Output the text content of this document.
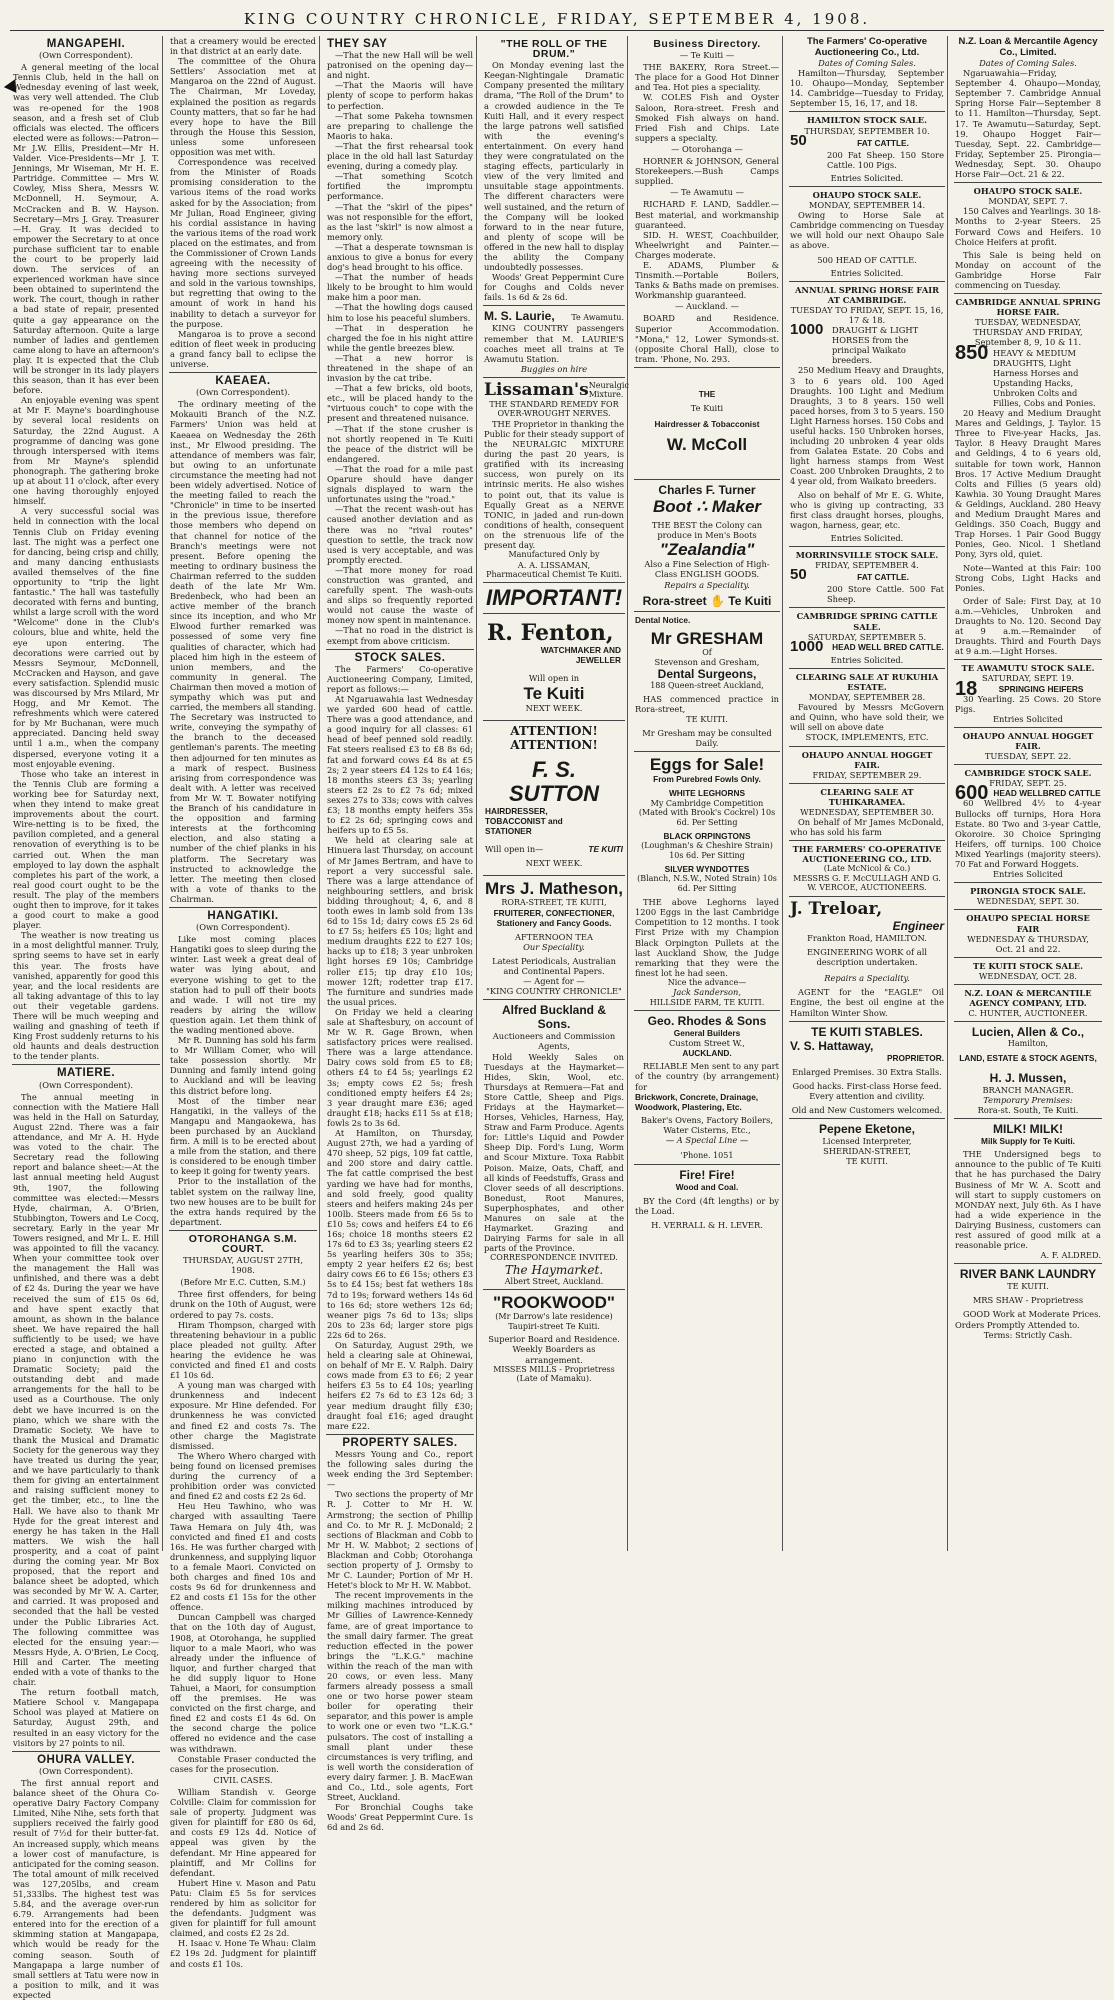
KING COUNTRY CHRONICLE, FRIDAY, SEPTEMBER 4, 1908.
MANGAPEHI.
(Own Correspondent).

A general meeting of the local Tennis Club, held in the hall on Wednesday evening of last week, was very well attended. The Club was re-opened for the 1908 season, and a fresh set of Club officials was elected. The officers elected were as follows:—Patron—Mr J.W. Ellis, President—Mr H. Valder. Vice-Presidents—Mr J. T. Jennings, Mr Wiseman, Mr H. E. Partridge. Committee — Mrs W. Cowley, Miss Shera, Messrs W. McDonnell, H. Seymour, A. McCracken and B. W. Hayson. Secretary—Mrs J. Gray. Treasurer—H. Gray. It was decided to empower the Secretary to at once purchase sufficient tar to enable the court to be properly laid down. The services of an experienced workman have since been obtained to superintend the work. The court, though in rather a bad state of repair, presented quite a gay appearance on the Saturday afternoon. Quite a large number of ladies and gentlemen came along to have an afternoon's play. It is expected that the Club will be stronger in its lady players this season, than it has ever been before.

An enjoyable evening was spent at Mr F. Mayne's boardinghouse by several local residents on Saturday, the 22nd August. A programme of dancing was gone through interspersed with items from Mr Mayne's splendid phonograph. The gathering broke up at about 11 o'clock, after every one having thoroughly enjoyed himself.

A very successful social was held in connection with the local Tennis Club on Friday evening last. The night was a perfect one for dancing, being crisp and chilly, and many dancing enthusiasts availed themselves of the fine opportunity to "trip the light fantastic." The hall was tastefully decorated with ferns and bunting, whilst a large scroll with the word "Welcome" done in the Club's colours, blue and white, held the eye upon entering. The decorations were carried out by Messrs Seymour, McDonnell, McCracken and Hayson, and gave every satisfaction. Splendid music was discoursed by Mrs Milard, Mr Hogg, and Mr Kemot. The refreshments which were catered for by Mr Buchanan, were much appreciated. Dancing held sway until 1 a.m., when the company dispersed, everyone voting it a most enjoyable evening.

Those who take an interest in the Tennis Club are forming a working bee for Saturday next, when they intend to make great improvements about the court. Wire-netting is to be fixed, the pavilion completed, and a general renovation of everything is to be carried out. When the man employed to lay down the asphalt completes his part of the work, a real good court ought to be the result. The play of the members ought then to improve, for it takes a good court to make a good player.

The weather is now treating us in a most delightful manner. Truly, spring seems to have set in early this year. The frosts have vanished, apparently for good this year, and the local residents are all taking advantage of this to lay out their vegetable gardens. There will be much weeping and wailing and gnashing of teeth if King Frost suddenly returns to his old haunts and deals destruction to the tender plants.

MATIERE.
(Own Correspondent).

The annual meeting in connection with the Matiere Hall was held in the Hall on Saturday, August 22nd. There was a fair attendance, and Mr A. H. Hyde was voted to the chair. The Secretary read the following report and balance sheet:—At the last annual meeting held August 9th, 1907, the following committee was elected:—Messrs Hyde, chairman, A. O'Brien, Stubbington, Towers and Le Cocq, secretary. Early in the year Mr Towers resigned, and Mr L. E. Hill was appointed to fill the vacancy. When your committee took over the management the Hall was unfinished, and there was a debt of £2 4s. During the year we have received the sum of £15 0s 6d, and have spent exactly that amount, as shown in the balance sheet. We have repaired the hall sufficiently to be used; we have erected a stage, and obtained a piano in conjunction with the Dramatic Society; paid the outstanding debt and made arrangements for the hall to be used as a Courthouse. The only debt we have incurred is on the piano, which we share with the Dramatic Society. We have to thank the Musical and Dramatic Society for the generous way they have treated us during the year, and we have particularly to thank them for giving an entertainment and raising sufficient money to get the timber, etc., to line the Hall. We have also to thank Mr Hyde for the great interest and energy he has taken in the Hall matters. We wish the hall prosperity, and a coat of paint during the coming year. Mr Box proposed, that the report and balance sheet be adopted, which was seconded by Mr W. A. Carter, and carried. It was proposed and seconded that the hall be vested under the Public Libraries Act. The following committee was elected for the ensuing year:—Messrs Hyde, A. O'Brien, Le Cocq, Hill and Carter. The meeting ended with a vote of thanks to the chair.

The return football match, Matiere School v. Mangapapa School was played at Matiere on Saturday, August 29th, and resulted in an easy victory for the visitors by 27 points to nil.

OHURA VALLEY.
(Own Correspondent).

The first annual report and balance sheet of the Ohura Co-operative Dairy Factory Company Limited, Nihe Nihe, sets forth that suppliers received the fairly good result of 7½d for their butter-fat. An increased supply, which means a lower cost of manufacture, is anticipated for the coming season. The total amount of milk received was 127,205lbs, and cream 51,333lbs. The highest test was 5.84, and the average over-run 6.79. Arrangements had been entered into for the erection of a skimming station at Mangapapa, which would be ready for the coming season. South of Mangapapa a large number of small settlers at Tatu were now in a position to milk, and it was expected

that a creamery would be erected in that district at an early date.

The committee of the Ohura Settlers' Association met at Mangaroa on the 22nd of August. The Chairman, Mr Loveday, explained the position as regards County matters, that so far he had every hope to have the Bill through the House this Session, unless some unforeseen opposition was met with.

Correspondence was received from the Minister of Roads promising consideration to the various items of the road works asked for by the Association; from Mr Julian, Road Engineer, giving his cordial assistance in having the various items of the road work placed on the estimates, and from the Commissioner of Crown Lands agreeing with the necessity of having more sections surveyed and sold in the various townships, but regretting that owing to the amount of work in hand his inability to detach a surveyor for the purpose.

Mangaroa is to prove a second edition of fleet week in producing a grand fancy ball to eclipse the universe.

KAEAEA.
(Own Correspondent).

The ordinary meeting of the Mokauiti Branch of the N.Z. Farmers' Union was held at Kaeaea on Wednesday the 26th inst., Mr Elwood presiding. The attendance of members was fair, but owing to an unfortunate circumstance the meeting had not been widely advertised. Notice of the meeting failed to reach the "Chronicle" in time to be inserted in the previous issue, therefore those members who depend on that channel for notice of the Branch's meetings were not present. Before opening the meeting to ordinary business the Chairman referred to the sudden death of the late Mr Wm. Bredenbeck, who had been an active member of the branch since its inception, and who Mr Elwood further remarked was possessed of some very fine qualities of character, which had placed him high in the esteem of union members, and the community in general. The Chairman then moved a motion of sympathy which was put and carried, the members all standing. The Secretary was instructed to write, conveying the sympathy of the branch to the deceased gentleman's parents. The meeting then adjourned for ten minutes as a mark of respect. Business arising from correspondence was dealt with. A letter was received from Mr W. T. Bowater notifying the Branch of his candidature in the opposition and farming interests at the forthcoming election, and also stating a number of the chief planks in his platform. The Secretary was instructed to acknowledge the letter. The meeting then closed with a vote of thanks to the Chairman.

HANGATIKI.
(Own Correspondent).

Like most coming places Hangatiki goes to sleep during the winter. Last week a great deal of water was lying about, and everyone wishing to get to the station had to pull off their boots and wade. I will not tire my readers by airing the willow question again. Let them think of the wading mentioned above.

Mr R. Dunning has sold his farm to Mr William Comer, who will take possession shortly. Mr Dunning and family intend going to Auckland and will be leaving this district before long.

Most of the timber near Hangatiki, in the valleys of the Mangapu and Mangaokewa, has been purchased by an Auckland firm. A mill is to be erected about a mile from the station, and there is considered to be enough timber to keep it going for twenty years.

Prior to the installation of the tablet system on the railway line, two new houses are to be built for the extra hands required by the department.

OTOROHANGA S.M. COURT.
THURSDAY, AUGUST 27TH, 1908.
(Before Mr E.C. Cutten, S.M.)

Three first offenders, for being drunk on the 10th of August, were ordered to pay 7s. costs.

Hiram Thompson, charged with threatening behaviour in a public place pleaded not guilty. After hearing the evidence he was convicted and fined £1 and costs £1 10s 6d.

A young man was charged with drunkenness and indecent exposure. Mr Hine defended. For drunkenness he was convicted and fined £2 and costs 7s. The other charge the Magistrate dismissed.

The Whero Whero charged with being found on licensed premises during the currency of a prohibition order was convicted and fined £2 and costs £2 2s 6d.

Heu Heu Tawhino, who was charged with assaulting Taere Tawa Hemara on July 4th, was convicted and fined £1 and costs 16s. He was further charged with drunkenness, and supplying liquor to a female Maori. Convicted on both charges and fined 10s and costs 9s 6d for drunkenness and £2 and costs £1 15s for the other offence.

Duncan Campbell was charged that on the 10th day of August, 1908, at Otorohanga, he supplied liquor to a male Maori, who was already under the influence of liquor, and further charged that he did supply liquor to Hone Tahuei, a Maori, for consumption off the premises. He was convicted on the first charge, and fined £2 and costs £1 4s 6d. On the second charge the police offered no evidence and the case was withdrawn.

Constable Fraser conducted the cases for the prosecution.

CIVIL CASES.

William Standish v. George Colville: Claim for commission for sale of property. Judgment was given for plaintiff for £80 0s 6d, and costs £9 12s 4d. Notice of appeal was given by the defendant. Mr Hine appeared for plaintiff, and Mr Collins for defendant.

Hubert Hine v. Mason and Patu Patu: Claim £5 5s for services rendered by him as solicitor for the defendants. Judgment was given for plaintiff for full amount claimed, and costs £2 2s 2d.

H. Isaac v. Hone Te Whau: Claim £2 19s 2d. Judgment for plaintiff and costs £1 10s.

THEY SAY

—That the new Hall will be well patronised on the opening day—and night.

—That the Maoris will have plenty of scope to perform hakas to perfection.

—That some Pakeha townsmen are preparing to challenge the Maoris to haka.

—That the first rehearsal took place in the old hall last Saturday evening, during a comedy play.

—That something Scotch fortified the impromptu performance.

—That the "skirl of the pipes" was not responsible for the effort, as the last "skirl" is now almost a memory only.

—That a desperate townsman is anxious to give a bonus for every dog's head brought to his office.

—That the number of heads likely to be brought to him would make him a poor man.

—That the howling dogs caused him to lose his peaceful slumbers.

—That in desperation he charged the foe in his night attire while the gentle breezes blew.

—That a new horror is threatened in the shape of an invasion by the cat tribe.

—That a few bricks, old boots, etc., will be placed handy to the "virtuous couch" to cope with the present and threatened nuisance.

—That if the stone crusher is not shortly reopened in Te Kuiti the peace of the district will be endangered.

—That the road for a mile past Oparure should have danger signals displayed to warn the unfortunates using the "road."

—That the recent wash-out has caused another deviation and as there was no "rival routes" question to settle, the track now used is very acceptable, and was promptly erected.

—That more money for road construction was granted, and carefully spent. The wash-outs and slips so frequently reported would not cause the waste of money now spent in maintenance.

—That no road in the district is exempt from above criticism.

STOCK SALES.

The Farmers' Co-operative Auctioneering Company, Limited, report as follows:—

At Ngaruawahia last Wednesday we yarded 600 head of cattle. There was a good attendance, and a good inquiry for all classes: 61 head of beef penned sold readily. Fat steers realised £3 to £8 8s 6d; fat and forward cows £4 8s at £5 2s; 2 year steers £4 12s to £4 16s; 18 months steers £3 3s; yearling steers £2 2s to £2 7s 6d; mixed sexes 27s to 33s; cows with calves £3; 18 months empty heifers 35s to £2 2s 6d; springing cows and heifers up to £5 5s.

We held at clearing sale at Hinuera last Thursday, on account of Mr James Bertram, and have to report a very successful sale. There was a large attendance of neighbouring settlers, and brisk bidding throughout; 4, 6, and 8 tooth ewes in lamb sold from 13s 6d to 15s 1d; dairy cows £5 2s 6d to £7 5s; heifers £5 10s; light and medium draughts £22 to £27 10s; hacks up to £18; 3 year unbroken light horses £9 10s; Cambridge roller £15; tip dray £10 10s; mower 12ft; rodetter trap £17. The furniture and sundries made the usual prices.

On Friday we held a clearing sale at Shaftesbury, on account of Mr W. R. Gage Brown, when satisfactory prices were realised. There was a large attendance. Dairy cows sold from £5 to £8; others £4 to £4 5s; yearlings £2 3s; empty cows £2 5s; fresh conditioned empty heifers £4 2s; 3 year draught mare £36; aged draught £18; hacks £11 5s at £18; fowls 2s to 3s 6d.

At Hamilton, on Thursday, August 27th, we had a yarding of 470 sheep, 52 pigs, 109 fat cattle, and 200 store and dairy cattle. The fat cattle comprised the best yarding we have had for months, and sold freely, good quality steers and heifers making 24s per 100lb. Steers made from £6 5s to £10 5s; cows and heifers £4 to £6 16s; choice 18 months steers £2 17s 6d to £3 3s; yearling steers £2 5s yearling heifers 30s to 35s; empty 2 year heifers £2 6s; best dairy cows £6 to £6 15s; others £3 5s to £4 15s; best fat wethers 18s 7d to 19s; forward wethers 14s 6d to 16s 6d; store wethers 12s 6d; weaner pigs 7s 6d to 13s; slips 20s to 23s 6d; larger store pigs 22s 6d to 26s.

On Saturday, August 29th, we held a clearing sale at Ohinewai, on behalf of Mr E. V. Ralph. Dairy cows made from £3 to £6; 2 year heifers £3 5s to £4 10s; yearling heifers £2 7s 6d to £3 12s 6d; 3 year medium draught filly £30; draught foal £16; aged draught mare £22.

PROPERTY SALES.

Messrs Young and Co., report the following sales during the week ending the 3rd September:—

Two sections the property of Mr R. J. Cotter to Mr H. W. Armstrong; the section of Phillip and Co. to Mr R. J. McDonald; 2 sections of Blackman and Cobb to Mr H. W. Mabbot; 2 sections of Blackman and Cobb; Otorohanga section property of J. Ormsby to Mr C. Launder; Portion of Mr H. Hetet's block to Mr H. W. Mabbot.

The recent improvements in the milking machines introduced by Mr Gillies of Lawrence-Kennedy fame, are of great importance to the small dairy farmer. The great reduction effected in the power brings the "L.K.G." machine within the reach of the man with 20 cows, or even less. Many farmers already possess a small one or two horse power steam boiler for operating their separator, and this power is ample to work one or even two "L.K.G." pulsators. The cost of installing a small plant under these circumstances is very trifling, and is well worth the consideration of every dairy farmer. J. B. MacEwan and Co., Ltd., sole agents, Fort Street, Auckland.

For Bronchial Coughs take Woods' Great Peppermint Cure. 1s 6d and 2s 6d.

"THE ROLL OF THE DRUM."

On Monday evening last the Keegan-Nightingale Dramatic Company presented the military drama, "The Roll of the Drum" to a crowded audience in the Te Kuiti Hall, and it every respect the large patrons well satisfied with the evening's entertainment. On every hand they were congratulated on the staging effects, particularly in view of the very limited and unsuitable stage appointments. The different characters were well sustained, and the return of the Company will be looked forward to in the near future, and plenty of scope will be offered in the new hall to display the ability the Company undoubtedly possesses.

Woods' Great Peppermint Cure for Coughs and Colds never fails. 1s 6d & 2s 6d.

M. S. Laurie, Te Awamutu.

KING COUNTRY passengers remember that M. LAURIE'S coaches meet all trains at Te Awamutu Station.

Buggies on hire
Lissaman's Neuralgic Mixture.
THE STANDARD REMEDY FOR OVER-WROUGHT NERVES.

THE Proprietor in thanking the Public for their steady support of the NEURALGIC MIXTURE during the past 20 years, is gratified with its increasing success, won purely on its intrinsic merits. He also wishes to point out, that its value is Equally Great as a NERVE TONIC, in jaded and run-down conditions of health, consequent on the strenuous life of the present day.

Manufactured Only by
A. A. LISSAMAN,
Pharmaceutical Chemist Te Kuiti.
IMPORTANT!
R. Fenton,
WATCHMAKER AND JEWELLER
Will open in
Te Kuiti
NEXT WEEK.
ATTENTION! ATTENTION!
F. S. SUTTON
HAIRDRESSER, TOBACCONIST and STATIONER
Will open in—	TE KUITI
NEXT WEEK.
Mrs J. Matheson,
RORA-STREET, TE KUITI,
FRUITERER, CONFECTIONER, Stationery and Fancy Goods.
AFTERNOON TEA
Our Speciality.
Latest Periodicals, Australian and Continental Papers.
— Agent for —
"KING COUNTRY CHRONICLE"
Alfred Buckland & Sons.
Auctioneers and Commission Agents,

Hold Weekly Sales on Tuesdays at the Haymarket—Hides, Skin, Wool, etc. Thursdays at Remuera—Fat and Store Cattle, Sheep and Pigs. Fridays at the Haymarket—Horses, Vehicles, Harness, Hay, Straw and Farm Produce. Agents for: Little's Liquid and Powder Sheep Dip. Ford's Lung, Worm and Scour Mixture. Toxa Rabbit Poison. Maize, Oats, Chaff, and all kinds of Feedstuffs, Grass and Clover seeds of all descriptions. Bonedust, Root Manures, Superphosphates, and other Manures on sale at the Haymarket. Grazing and Dairying Farms for sale in all parts of the Province.

CORRESPONDENCE INVITED.
The Haymarket.
Albert Street, Auckland.
"ROOKWOOD"
(Mr Darrow's late residence)
Taupiri-street Te Kuiti.
Superior Board and Residence. Weekly Boarders as arrangement.
MISSES MILLS - Proprietress
(Late of Mamaku).
Business Directory.
— Te Kuiti —

THE BAKERY, Rora Street.—The place for a Good Hot Dinner and Tea. Hot pies a speciality.

W. COLES Fish and Oyster Saloon, Rora-street. Fresh and Smoked Fish always on hand. Fried Fish and Chips. Late suppers a specialty.

— Otorohanga —

HORNER & JOHNSON, General Storekeepers.—Bush Camps supplied.

— Te Awamutu —

RICHARD F. LAND, Saddler.—Best material, and workmanship guaranteed.

SID. H. WEST, Coachbuilder, Wheelwright and Painter.—Charges moderate.

E. ADAMS, Plumber & Tinsmith.—Portable Boilers, Tanks & Baths made on premises. Workmanship guaranteed.

— Auckland. —

BOARD and Residence. Superior Accommodation. "Mona," 12, Lower Symonds-st. (opposite Choral Hall), close to tram. 'Phone, No. 293.

THE
Te Kuiti
Hairdresser & Tobacconist
W. McColl
Charles F. Turner
Boot ∴ Maker
THE BEST the Colony can produce in Men's Boots
"Zealandia"
Also a Fine Selection of High-Class ENGLISH GOODS.
Repairs a Speciality.
Rora-street ✋ Te Kuiti
Dental Notice.
Mr GRESHAM
Of
Stevenson and Gresham,
Dental Surgeons,
188 Queen-street Auckland,

HAS commenced practice in Rora-street,

TE KUITI.
Mr Gresham may be consulted Daily.
Eggs for Sale!
From Purebred Fowls Only.
WHITE LEGHORNS
My Cambridge Competition (Mated with Brook's Cockrel) 10s 6d. Per Setting
BLACK ORPINGTONS
(Loughman's & Cheshire Strain) 10s 6d. Per Sitting
SILVER WYNDOTTES
(Blanch, N.S.W., Noted Strain) 10s 6d. Per Sitting

THE above Leghorns layed 1200 Eggs in the last Cambridge Competition to 12 months. I took First Prize with my Champion Black Orpington Pullets at the last Auckland Show, the Judge remarking that they were the finest lot he had seen.

Nice the advance—
Jack Sanderson,
HILLSIDE FARM, TE KUITI.
Geo. Rhodes & Sons
General Builders
Custom Street W.,
AUCKLAND.

RELIABLE Men sent to any part of the country (by arrangement) for

Brickwork, Concrete, Drainage, Woodwork, Plastering, Etc.
Baker's Ovens, Factory Boilers, Water Cisterns, Etc.,
— A Special Line —
'Phone. 1051
Fire! Fire!
Wood and Coal.

BY the Cord (4ft lengths) or by the Load.

H. VERRALL & H. LEVER.
The Farmers' Co-operative Auctioneering Co., Ltd.
Dates of Coming Sales.

Hamilton—Thursday, September 10. Ohaupo—Monday, September 14. Cambridge—Tuesday to Friday, September 15, 16, 17, and 18.

HAMILTON STOCK SALE.
THURSDAY, SEPTEMBER 10.
50	FAT CATTLE.

200 Fat Sheep. 150 Store Cattle. 100 Pigs.

Entries Solicited.
OHAUPO STOCK SALE.
MONDAY, SEPTEMBER 14.

Owing to Horse Sale at Cambridge commencing on Tuesday we will hold our next Ohaupo Sale as above.

500 HEAD OF CATTLE.
Entries Solicited.
ANNUAL SPRING HORSE FAIR AT CAMBRIDGE.
TUESDAY TO FRIDAY, SEPT. 15, 16, 17 & 18.
1000	DRAUGHT & LIGHT HORSES from the principal Waikato breeders.

250 Medium Heavy and Draughts, 3 to 6 years old. 100 Aged Draughts. 100 Light and Medium Draughts, 3 to 8 years. 150 well paced horses, from 3 to 5 years. 150 Light Harness horses. 150 Cobs and useful hacks. 150 Unbroken horses, including 20 unbroken 4 year olds from Galatea Estate. 20 Cobs and light harness stamps from West Coast. 200 Unbroken Draughts, 2 to 4 year old, from Waikato breeders.

Also on behalf of Mr E. G. White, who is giving up contracting, 33 first class draught horses, ploughs, wagon, harness, gear, etc.

Entries Solicited.
MORRINSVILLE STOCK SALE.
FRIDAY, SEPTEMBER 4.
50	FAT CATTLE.

200 Store Cattle. 500 Fat Sheep.

CAMBRIDGE SPRING CATTLE SALE.
SATURDAY, SEPTEMBER 5.
1000	HEAD WELL BRED CATTLE.
Entries Solicited.
CLEARING SALE AT RUKUHIA ESTATE.
MONDAY, SEPTEMBER 28.

Favoured by Messrs McGovern and Quinn, who have sold their, we will sell on above date

STOCK, IMPLEMENTS, ETC.
OHAUPO ANNUAL HOGGET FAIR.
FRIDAY, SEPTEMBER 29.
CLEARING SALE AT TUHIKARAMEA.
WEDNESDAY, SEPTEMBER 30.

On behalf of Mr James McDonald, who has sold his farm

THE FARMERS' CO-OPERATIVE AUCTIONEERING CO., LTD.
(Late McNicol & Co.)
MESSRS G. F. McCULLAGH AND G. W. VERCOE, AUCTIONEERS.
J. Treloar,
Engineer
Frankton Road, HAMILTON.
ENGINEERING WORK of all description undertaken.
Repairs a Speciality.

AGENT for the "EAGLE" Oil Engine, the best oil engine at the Hamilton Winter Show.

TE KUITI STABLES.
V. S. Hattaway,
PROPRIETOR.
Enlarged Premises. 30 Extra Stalls.
Good hacks. First-class Horse feed. Every attention and civility.
Old and New Customers welcomed.
Pepene Eketone,
Licensed Interpreter,
SHERIDAN-STREET,
TE KUITI.
N.Z. Loan & Mercantile Agency Co., Limited.
Dates of Coming Sales.

Ngaruawahia—Friday, September 4. Ohaupo—Monday, September 7. Cambridge Annual Spring Horse Fair—September 8 to 11. Hamilton—Thursday, Sept. 17. Te Awamutu—Saturday, Sept. 19. Ohaupo Hogget Fair—Tuesday, Sept. 22. Cambridge—Friday, September 25. Pirongia—Wednesday, Sept. 30. Ohaupo Horse Fair—Oct. 21 & 22.

OHAUPO STOCK SALE.
MONDAY, SEPT. 7.

150 Calves and Yearlings. 30 18-Months to 2-year Steers. 25 Forward Cows and Heifers. 10 Choice Heifers at profit.

This Sale is being held on Monday on account of the Gambridge Horse Fair commencing on Tuesday.

CAMBRIDGE ANNUAL SPRING HORSE FAIR.
TUESDAY, WEDNESDAY, THURSDAY AND FRIDAY,
September 8, 9, 10 & 11.
850 HEAVY & MEDIUM DRAUGHTS, Light Harness Horses and Upstanding Hacks, Unbroken Colts and Fillies, Cobs and Ponies.

20 Heavy and Medium Draught Mares and Geldings, J. Taylor. 15 Three to Five-year Hacks, Jas. Taylor. 8 Heavy Draught Mares and Geldings, 4 to 6 years old, suitable for town work, Hannon Bros. 17 Active Medium Draught Colts and Fillies (5 years old) Kawhia. 30 Young Draught Mares & Geldings, Auckland. 280 Heavy and Medium Draught Mares and Geldings. 350 Coach, Buggy and Trap Horses. 1 Pair Good Buggy Ponies, Geo. Nicol. 1 Shetland Pony, 3yrs old, quiet.

Note—Wanted at this Fair: 100 Strong Cobs, Light Hacks and Ponies.

Order of Sale: First Day, at 10 a.m.—Vehicles, Unbroken and Draughts to No. 120. Second Day at 9 a.m.—Remainder of Draughts. Third and Fourth Days at 9 a.m.—Light Horses.

TE AWAMUTU STOCK SALE.
SATURDAY, SEPT. 19.
18	SPRINGING HEIFERS

30 Yearling. 25 Cows. 20 Store Pigs.

Entries Solicited
OHAUPO ANNUAL HOGGET FAIR.
TUESDAY, SEPT. 22.
CAMBRIDGE STOCK SALE.
FRIDAY, SEPT. 25.
600 HEAD WELLBRED CATTLE

60 Wellbred 4½ to 4-year Bullocks off turnips, Hora Hora Estate. 80 Two and 3-year Cattle, Okoroire. 30 Choice Springing Heifers, off turnips. 100 Choice Mixed Yearlings (majority steers). 70 Fat and Forward Hoggets.

Entries Solicited
PIRONGIA STOCK SALE.
WEDNESDAY, SEPT. 30.
OHAUPO SPECIAL HORSE FAIR
WEDNESDAY & THURSDAY,
Oct. 21 and 22.
TE KUITI STOCK SALE.
WEDNESDAY, OCT. 28.
N.Z. LOAN & MERCANTILE AGENCY COMPANY, LTD.
C. HUNTER, AUCTIONEER.
Lucien, Allen & Co.,
Hamilton,
LAND, ESTATE & STOCK AGENTS,
H. J. Mussen,
BRANCH MANAGER.
Temporary Premises:
Rora-st. South, Te Kuiti.
MILK! MILK!
Milk Supply for Te Kuiti.

THE Undersigned begs to announce to the public of Te Kuiti that he has purchased the Dairy Business of Mr W. A. Scott and will start to supply customers on MONDAY next, July 6th. As I have had a wide experience in the Dairying Business, customers can rest assured of good milk at a reasonable price.

A. F. ALDRED.
RIVER BANK LAUNDRY
TE KUITI.
MRS SHAW - Proprietress

GOOD Work at Moderate Prices. Orders Promptly Attended to.

Terms: Strictly Cash.
